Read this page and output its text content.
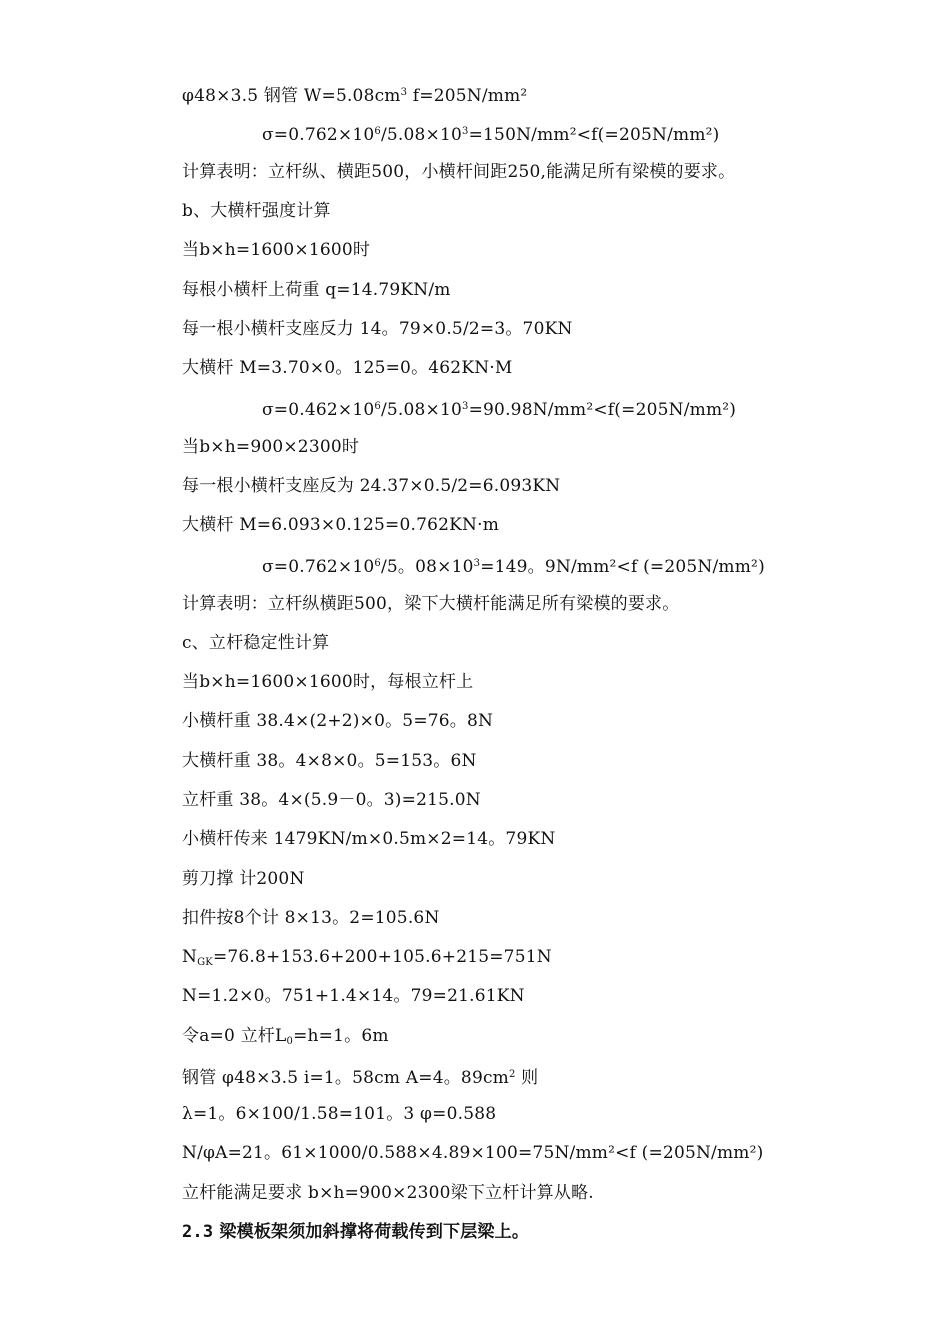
φ48×3.5 钢管 $W=5.08cm^3$ f=205N/mm²
$\sigma=0.762\times 10^6/5.08\times 10^3=150N/mm^2<f(=205N/mm^2)$
计算表明：立杆纵、横距500，小横杆间距250,能满足所有梁模的要求。
b、大横杆强度计算
当b×h=1600×1600时
每根小横杆上荷重 q=14.79KN/m
每一根小横杆支座反力 14。79×0.5/2=3。70KN
大横杆 M=3.70×0。125=0。462KN·M
$\sigma=0.462\times 10^6/5.08\times 10^3=90.98N/mm^2<f(=205N/mm^2)$
当b×h=900×2300时
每一根小横杆支座反为 24.37×0.5/2=6.093KN
大横杆 M=6.093×0.125=0.762KN·m
$\sigma=0.762\times 10^6/5$。$08\times 10^3=149$。9N/mm²<f (=205N/mm²)
计算表明：立杆纵横距500，梁下大横杆能满足所有梁模的要求。
c、立杆稳定性计算
当b×h=1600×1600时，每根立杆上
小横杆重 38.4×(2+2)×0。5=76。8N
大横杆重 38。4×8×0。5=153。6N
立杆重 38。4×(5.9－0。3)=215.0N
小横杆传来 1479KN/m×0.5m×2=14。79KN
剪刀撑 计200N
扣件按8个计 8×13。2=105.6N
$N_{GK}=76.8+153.6+200+105.6+215=751N$
N=1.2×0。751+1.4×14。79=21.61KN
令a=0 立杆$L_0=h=1$。6m
钢管 φ48×3.5 i=1。58cm A=4。$89cm^2$ 则
λ=1。6×100/1.58=101。3 φ=0.588
N/φA=21。61×1000/0.588×4.89×100=75N/mm²<f (=205N/mm²)
立杆能满足要求 b×h=900×2300梁下立杆计算从略.
2.3 梁模板架须加斜撑将荷载传到下层梁上。
